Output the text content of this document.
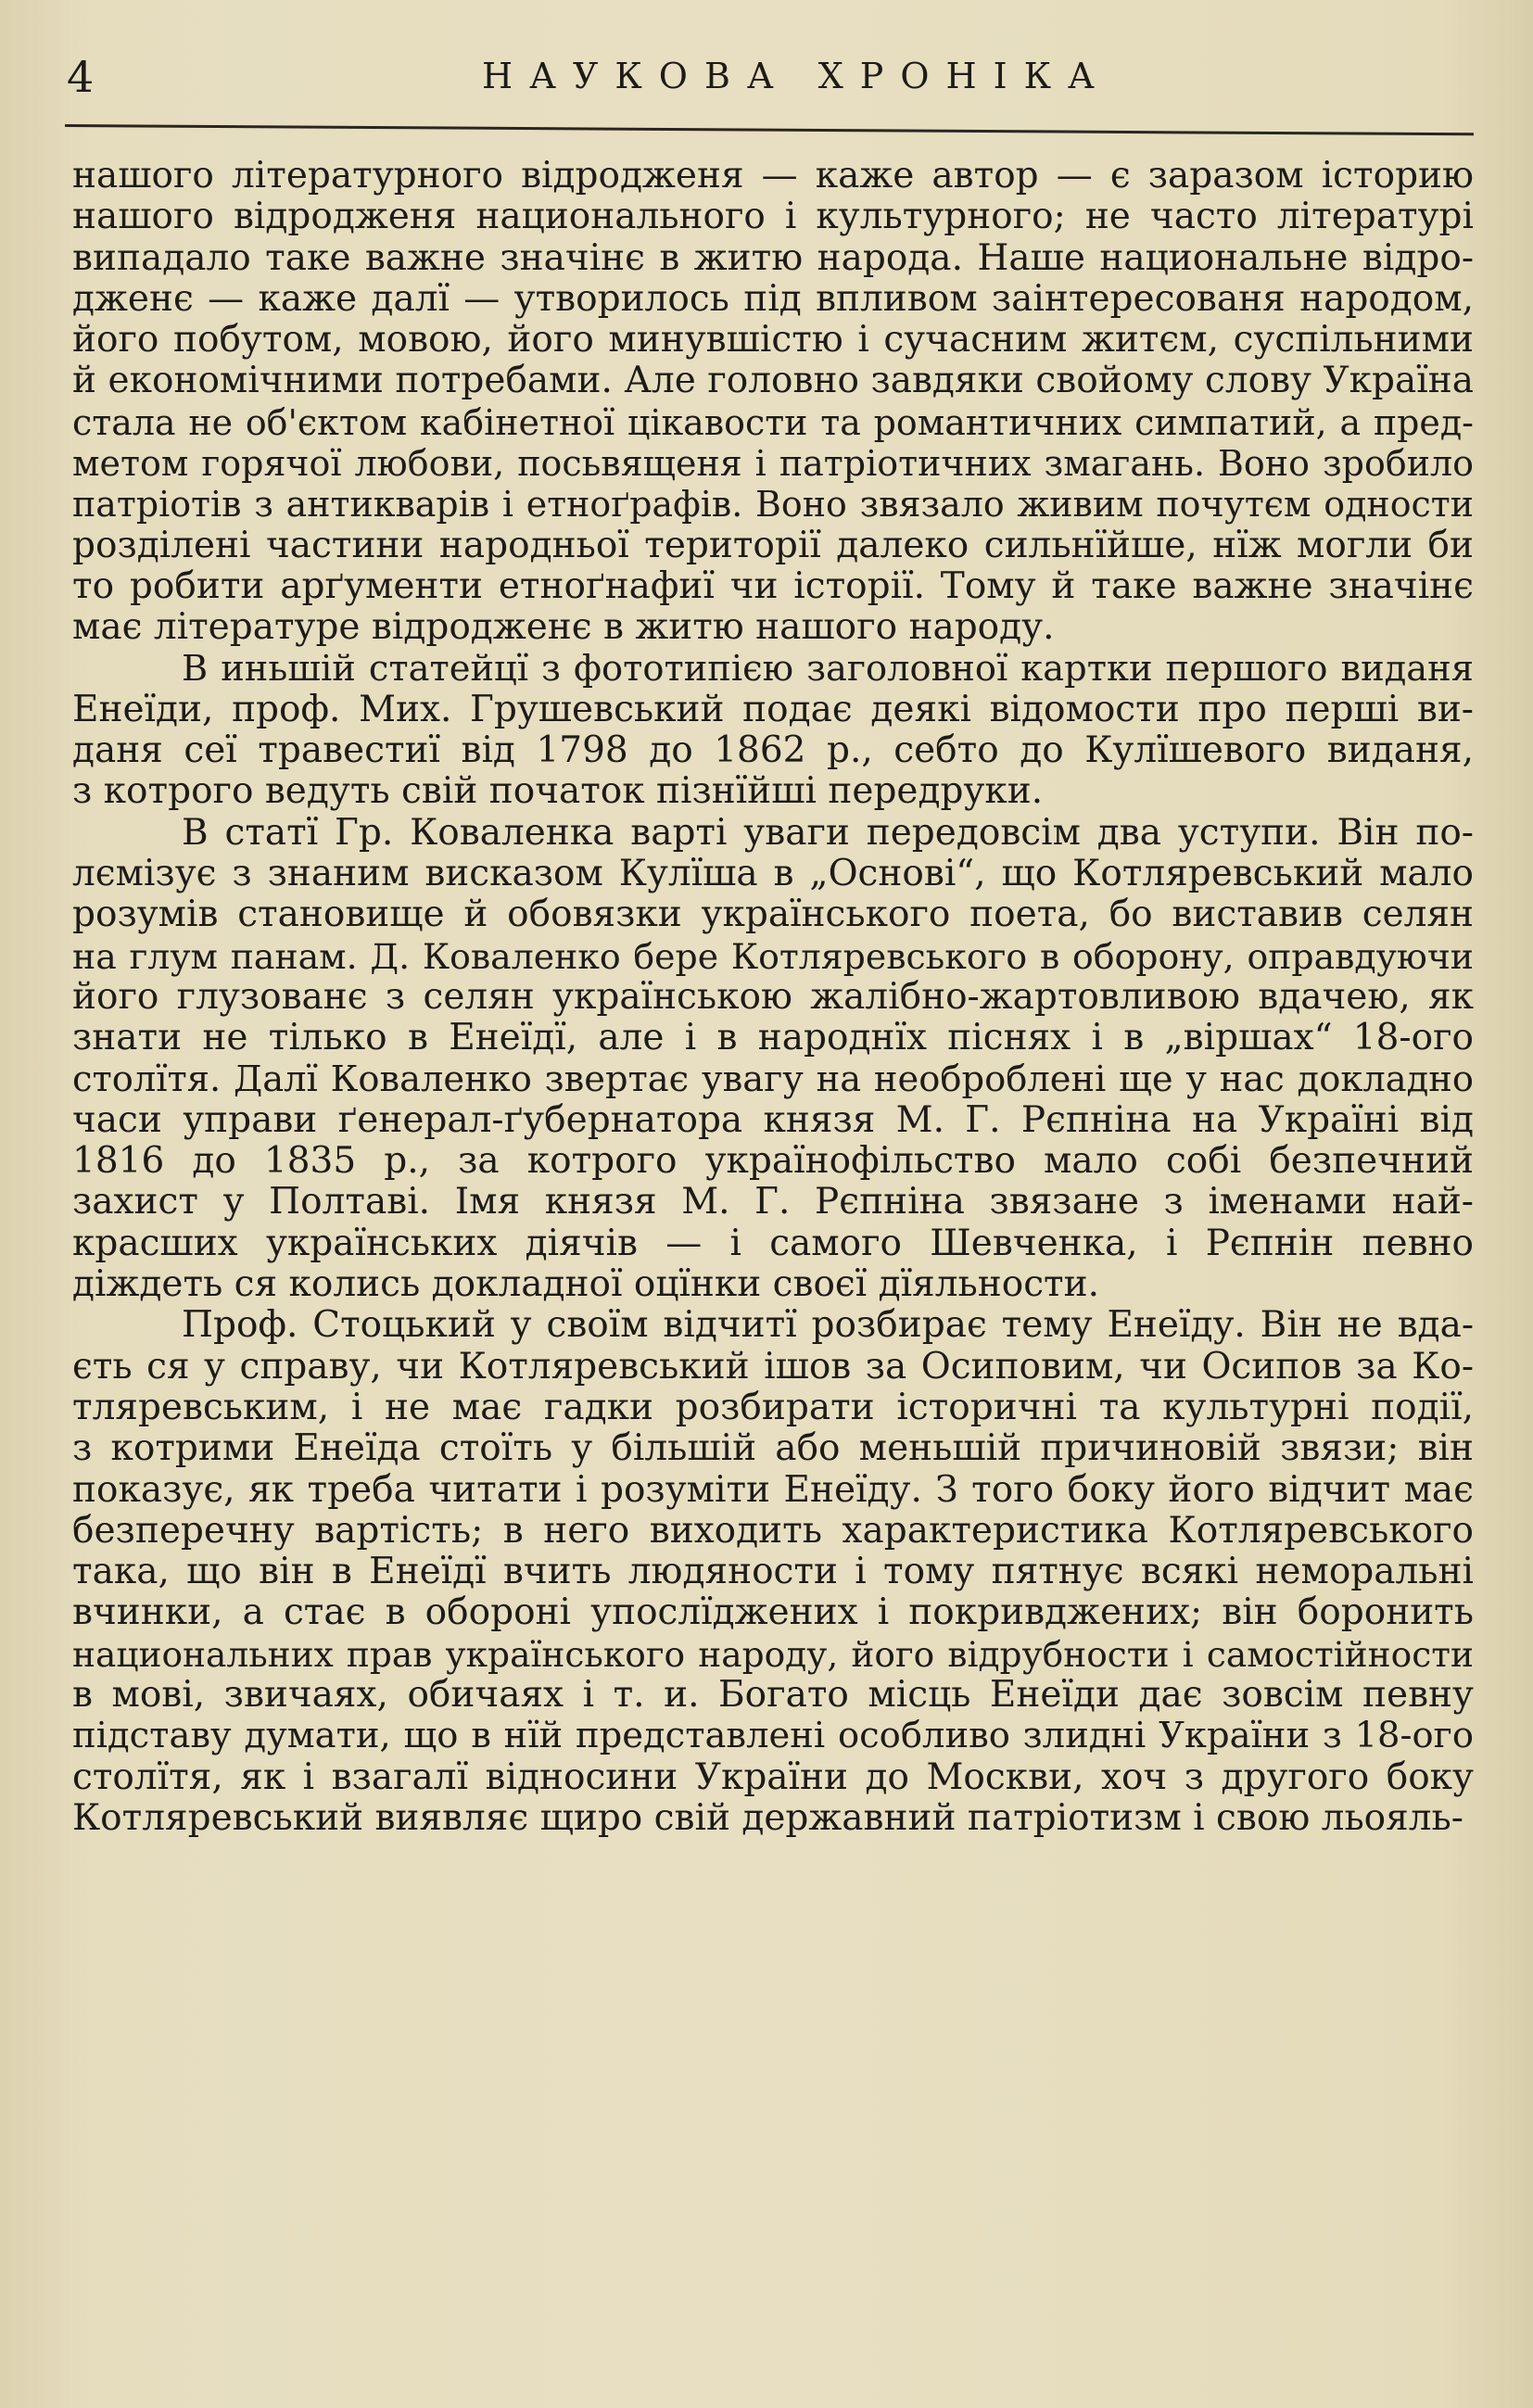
4	НАУКОВА ХРОНІКА
нашого літературного відродженя — каже автор — є заразом історию
нашого відродженя национального і культурного; не часто літературі
випадало таке важне значінє в житю народа. Наше национальне відро-
дженє — каже далї — утворилось під впливом заінтересованя народом,
його побутом, мовою, його минувшістю і сучасним житєм, суспільними
й економічними потребами. Але головно завдяки свойому слову Україна
стала не об'єктом кабінетної цікавости та романтичних симпатий, а пред-
метом горячої любови, посьвященя і патріотичних змагань. Воно зробило
патріотів з антикварів і етноґрафів. Воно звязало живим почутєм одности
розділені частини народньої території далеко сильнїйше, нїж могли би
то робити арґументи етноґнафиї чи історії. Тому й таке важне значінє
має літературе відродженє в житю нашого народу.
В иньшій статейцї з фототипією заголовної картки першого виданя
Енеїди, проф. Мих. Грушевський подає деякі відомости про перші ви-
даня сеї травестиї від 1798 до 1862 р., себто до Кулїшевого виданя,
з котрого ведуть свій початок пізнїйші передруки.
В статї Гр. Коваленка варті уваги передовсім два уступи. Він по-
лємізує з знаним висказом Кулїша в „Основі“, що Котляревський мало
розумів становище й обовязки українського поета, бо виставив селян
на глум панам. Д. Коваленко бере Котляревського в оборону, оправдуючи
його глузованє з селян українською жалібно-жартовливою вдачею, як
знати не тілько в Енеїдї, але і в народнїх піснях і в „віршах“ 18-ого
столїтя. Далї Коваленко звертає увагу на необроблені ще у нас докладно
часи управи ґенерал-ґубернатора князя М. Г. Рєпніна на Україні від
1816 до 1835 р., за котрого українофільство мало собі безпечний
захист у Полтаві. Імя князя М. Г. Рєпніна звязане з іменами най-
красших українських діячів — і самого Шевченка, і Рєпнін певно
діждеть ся колись докладної оцїнки своєї дїяльности.
Проф. Стоцький у своїм відчитї розбирає тему Енеїду. Він не вда-
єть ся у справу, чи Котляревський ішов за Осиповим, чи Осипов за Ко-
тляревським, і не має гадки розбирати історичні та культурні події,
з котрими Енеїда стоїть у більшій або меньшій причиновій звязи; він
показує, як треба читати і розуміти Енеїду. З того боку його відчит має
безперечну вартість; в него виходить характеристика Котляревського
така, що він в Енеїдї вчить людяности і тому пятнує всякі неморальні
вчинки, а стає в обороні упослїджених і покривджених; він боронить
национальних прав українського народу, його відрубности і самостійности
в мові, звичаях, обичаях і т. и. Богато місць Енеїди дає зовсім певну
підставу думати, що в нїй представлені особливо злидні України з 18-ого
столїтя, як і взагалї відносини України до Москви, хоч з другого боку
Котляревський виявляє щиро свій державний патріотизм і свою льояль-
